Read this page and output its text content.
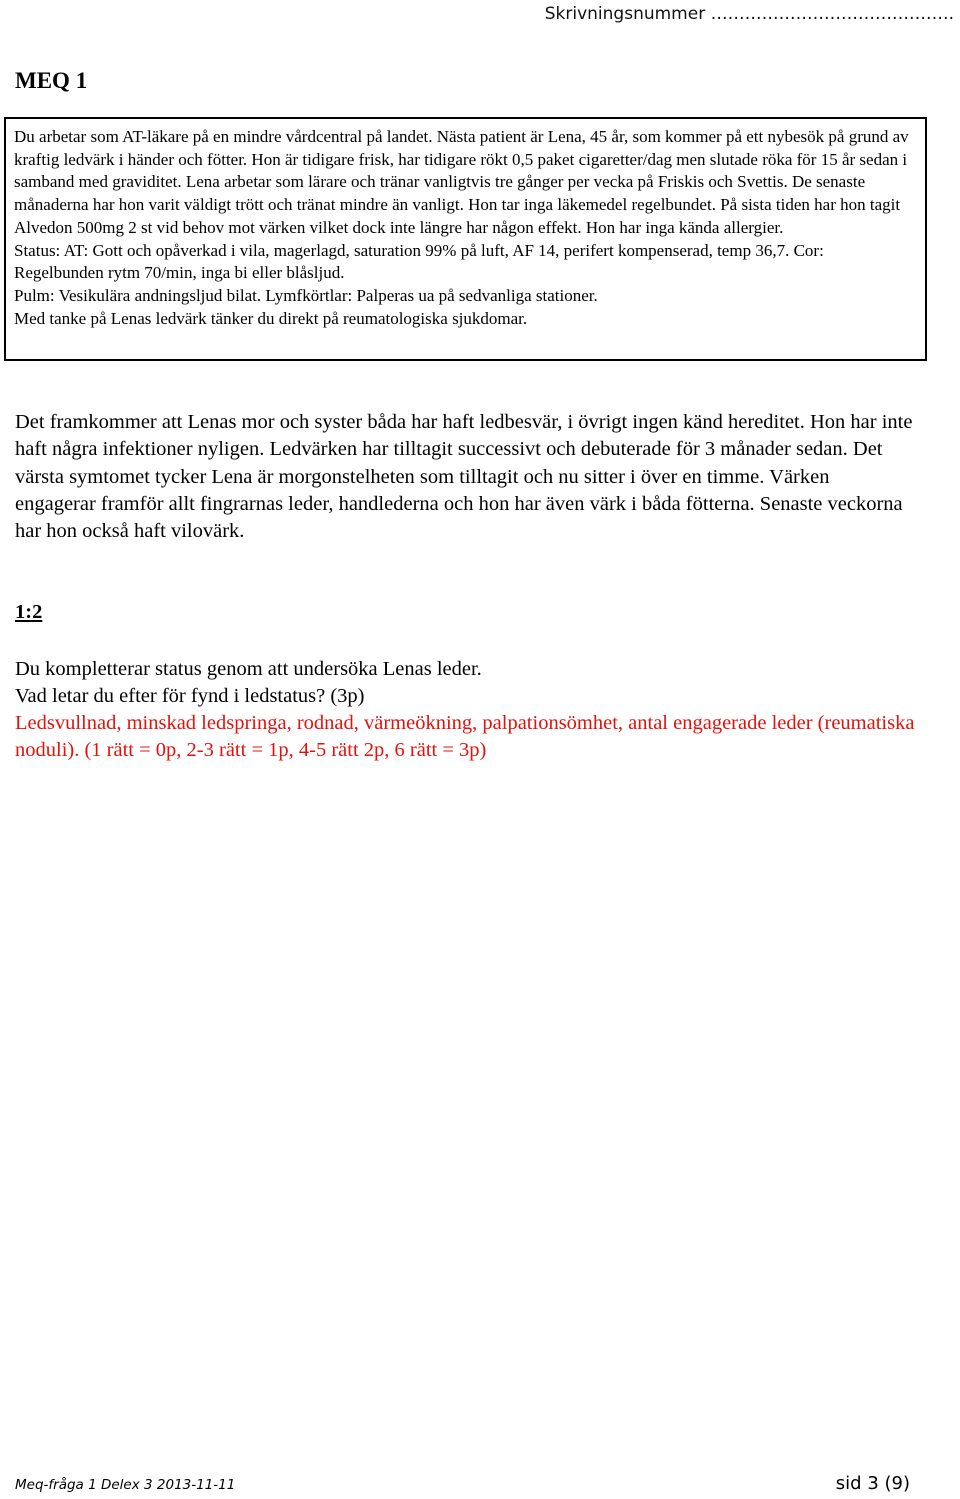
Skrivningsnummer …………………………………….
MEQ 1

Du arbetar som AT-läkare på en mindre vårdcentral på landet. Nästa patient är Lena, 45 år, som kommer på ett nybesök på grund av kraftig ledvärk i händer och fötter. Hon är tidigare frisk, har tidigare rökt 0,5 paket cigaretter/dag men slutade röka för 15 år sedan i samband med graviditet. Lena arbetar som lärare och tränar vanligtvis tre gånger per vecka på Friskis och Svettis. De senaste månaderna har hon varit väldigt trött och tränat mindre än vanligt. Hon tar inga läkemedel regelbundet. På sista tiden har hon tagit Alvedon 500mg 2 st vid behov mot värken vilket dock inte längre har någon effekt. Hon har inga kända allergier.

Status: AT: Gott och opåverkad i vila, magerlagd, saturation 99% på luft, AF 14, perifert kompenserad, temp 36,7. Cor: Regelbunden rytm 70/min, inga bi eller blåsljud.

Pulm: Vesikulära andningsljud bilat. Lymfkörtlar: Palperas ua på sedvanliga stationer.

Med tanke på Lenas ledvärk tänker du direkt på reumatologiska sjukdomar.

Det framkommer att Lenas mor och syster båda har haft ledbesvär, i övrigt ingen känd hereditet. Hon har inte haft några infektioner nyligen. Ledvärken har tilltagit successivt och debuterade för 3 månader sedan. Det värsta symtomet tycker Lena är morgonstelheten som tilltagit och nu sitter i över en timme. Värken engagerar framför allt fingrarnas leder, handlederna och hon har även värk i båda fötterna. Senaste veckorna har hon också haft vilovärk.

1:2
Du kompletterar status genom att undersöka Lenas leder.
Vad letar du efter för fynd i ledstatus? (3p)

Ledsvullnad, minskad ledspringa, rodnad, värmeökning, palpationsömhet, antal engagerade leder (reumatiska noduli). (1 rätt = 0p, 2-3 rätt = 1p, 4-5 rätt 2p, 6 rätt = 3p)

Meq-fråga 1 Delex 3 2013-11-11	sid 3 (9)
